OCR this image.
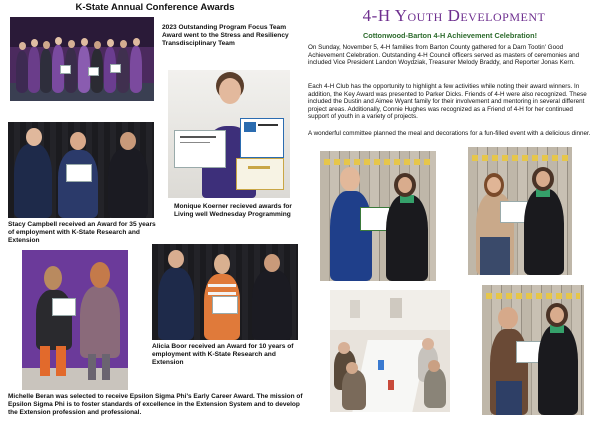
K-State Annual Conference Awards
2023 Outstanding Program Focus Team Award went to the Stress and Resiliency Transdisciplinary Team
Monique Koerner recieved awards for Living well Wednesday Programming
Stacy Campbell received an Award for 35 years of employment with K-State Research and Extension
Michelle Beran was selected to receive Epsilon Sigma Phi's Early Career Award. The mission of Epsilon Sigma Phi is to foster standards of excellence in the Extension System and to develop the Extension profession and professional.
Alicia Boor received an Award for 10 years of employment with K-State Research and Extension
4-H Youth Development
Cottonwood-Barton 4-H Achievement Celebration!
On Sunday, November 5, 4-H families from Barton County gathered for a Darn Tootin' Good Achievement Celebration. Outstanding 4-H Council officers served as masters of ceremonies and included Vice President Landon Woydziak, Treasurer Melody Braddy, and Reporter Jonas Kern.
Each 4-H Club has the opportunity to highlight a few activities while noting their award winners. In addition, the Key Award was presented to Parker Dicks. Friends of 4-H were also recognized. These included the Dustin and Aimee Wyant family for their involvement and mentoring in several different project areas. Additionally, Connie Hughes was recognized as a Friend of 4-H for her continued support of youth in a variety of projects.
A wonderful committee planned the meal and decorations for a fun-filled event with a delicious dinner.
